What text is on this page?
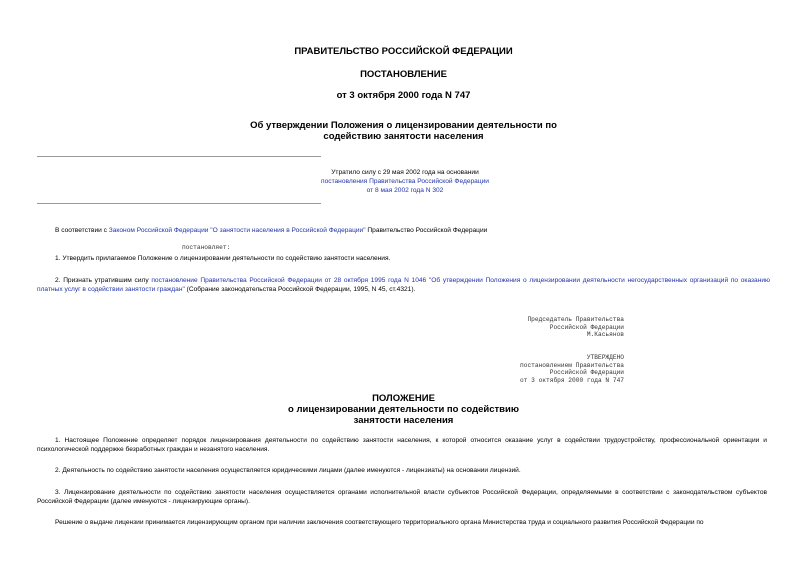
ПРАВИТЕЛЬСТВО РОССИЙСКОЙ ФЕДЕРАЦИИ
ПОСТАНОВЛЕНИЕ
от 3 октября 2000 года N 747
Об утверждении Положения о лицензировании деятельности по
содействию занятости населения
Утратило силу с 29 мая 2002 года на основании
постановления Правительства Российской Федерации
от 8 мая 2002 года N 302
В соответствии с Законом Российской Федерации "О занятости населения в Российской Федерации" Правительство Российской Федерации
постановляет:
1. Утвердить прилагаемое Положение о лицензировании деятельности по содействию занятости населения.
2. Признать утратившим силу постановление Правительства Российской Федерации от 28 октября 1995 года N 1046 "Об утверждении Положения о лицензировании деятельности негосударственных организаций по оказанию платных услуг в содействии занятости граждан" (Собрание законодательства Российской Федерации, 1995, N 45, ст.4321).
Председатель Правительства
Российской Федерации
М.Касьянов
УТВЕРЖДЕНО
постановлением Правительства
Российской Федерации
от 3 октября 2000 года N 747
ПОЛОЖЕНИЕ
о лицензировании деятельности по содействию
занятости населения
1. Настоящее Положение определяет порядок лицензирования деятельности по содействию занятости населения, к которой относится оказание услуг в содействии трудоустройству, профессиональной ориентации и психологической поддержке безработных граждан и незанятого населения.
2. Деятельность по содействию занятости населения осуществляется юридическими лицами (далее именуются - лицензиаты) на основании лицензий.
3. Лицензирование деятельности по содействию занятости населения осуществляется органами исполнительной власти субъектов Российской Федерации, определяемыми в соответствии с законодательством субъектов Российской Федерации (далее именуются - лицензирующие органы).
Решение о выдаче лицензии принимается лицензирующим органом при наличии заключения соответствующего территориального органа Министерства труда и социального развития Российской Федерации по
